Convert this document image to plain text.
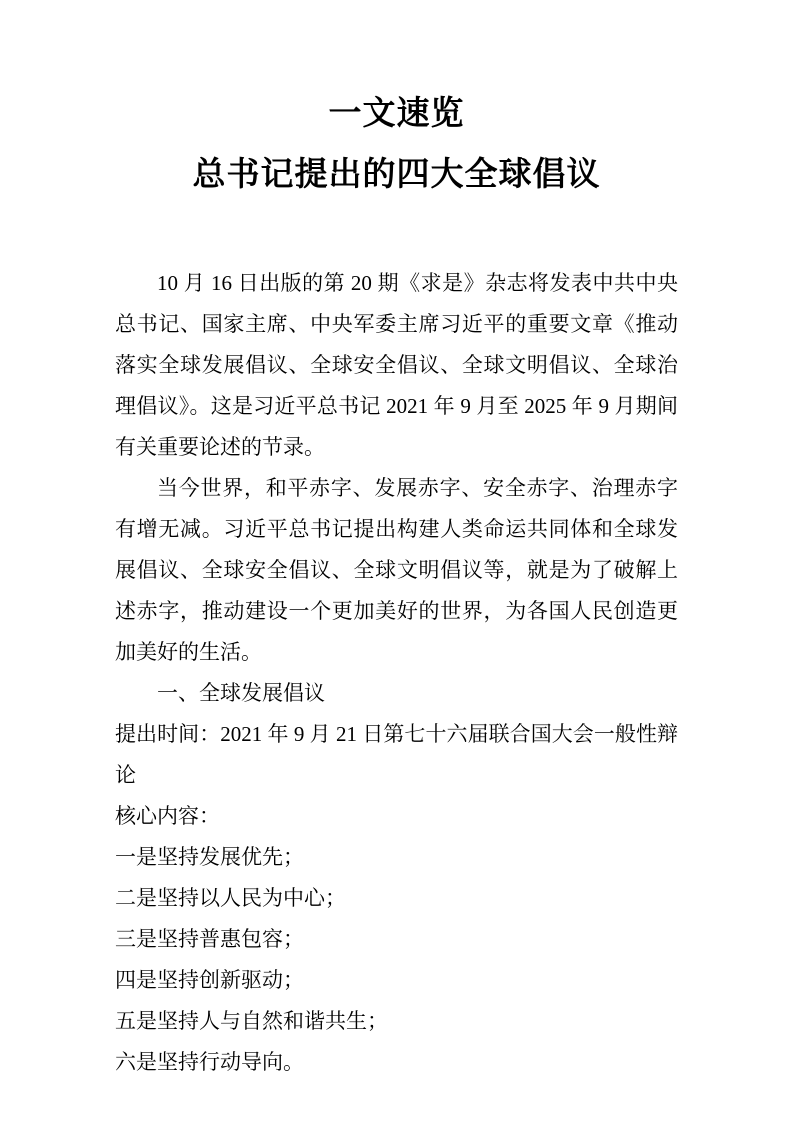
一文速览
总书记提出的四大全球倡议

10 月 16 日出版的第 20 期《求是》杂志将发表中共中央总书记、国家主席、中央军委主席习近平的重要文章《推动落实全球发展倡议、全球安全倡议、全球文明倡议、全球治理倡议》。这是习近平总书记 2021 年 9 月至 2025 年 9 月期间有关重要论述的节录。

当今世界，和平赤字、发展赤字、安全赤字、治理赤字有增无减。习近平总书记提出构建人类命运共同体和全球发展倡议、全球安全倡议、全球文明倡议等，就是为了破解上述赤字，推动建设一个更加美好的世界，为各国人民创造更加美好的生活。

一、全球发展倡议

提出时间：2021 年 9 月 21 日第七十六届联合国大会一般性辩论

核心内容：

一是坚持发展优先；

二是坚持以人民为中心；

三是坚持普惠包容；

四是坚持创新驱动；

五是坚持人与自然和谐共生；

六是坚持行动导向。
